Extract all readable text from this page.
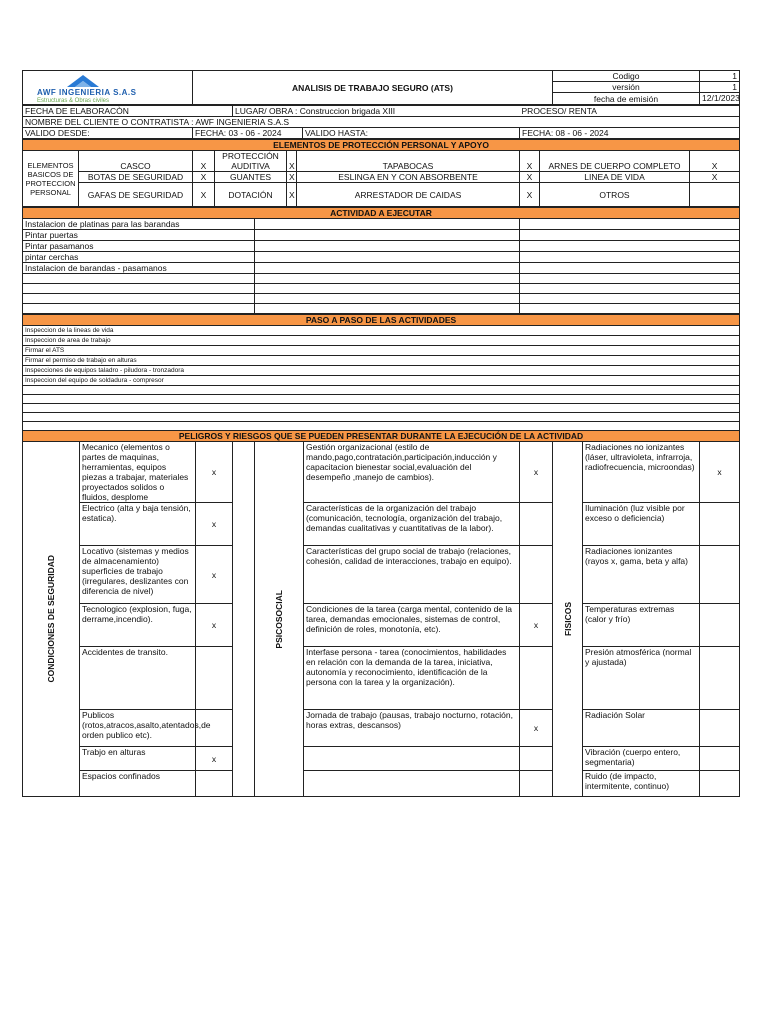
AWF INGENIERIA S.A.S
Estructuras & Obras civiles	ANALISIS DE TRABAJO SEGURO (ATS)	Codigo	1
		versión	1
		fecha de emisión	12/1/2023
FECHA DE ELABORACÒN		LUGAR/ OBRA : Construccion brigada XIII		PROCESO/ RENTA
NOMBRE DEL CLIENTE O CONTRATISTA : AWF INGENIERIA S.A.S				
VALIDO DESDE:	FECHA: 03 - 06 - 2024		VALIDO HASTA:	FECHA: 08 - 06 - 2024
ELEMENTOS DE PROTECCIÓN PERSONAL Y APOYO								
ELEMENTOS BASICOS DE PROTECCION PERSONAL	CASCO	X	PROTECCIÓN AUDITIVA	X	TAPABOCAS	X	ARNES DE CUERPO COMPLETO	X
	BOTAS DE SEGURIDAD	X	GUANTES	X	ESLINGA EN Y CON ABSORBENTE	X	LINEA DE VIDA	X
	GAFAS DE SEGURIDAD	X	DOTACIÓN	X	ARRESTADOR DE CAIDAS	X	OTROS	
ACTIVIDAD A EJECUTAR		
Instalacion de platinas para las barandas		
Pintar puertas		
Pintar pasamanos		
pintar cerchas		
Instalacion de barandas - pasamanos		

PASO A PASO DE LAS ACTIVIDADES
Inspeccion de la lineas de vida
Inspeccion de area de trabajo
Firmar el ATS
Firmar el permiso de trabajo en alturas
Inspecciones de equipos taladro - piludora - tronzadora
Inspeccion del equipo de soldadura - compresor

PELIGROS Y RIESGOS QUE SE PUEDEN PRESENTAR DURANTE LA EJECUCIÓN DE LA ACTIVIDAD									

CONDICIONES DE SEGURIDAD	Mecanico (elementos o partes de maquinas, herramientas, equipos piezas a trabajar, materiales proyectados solidos o fluidos, desplome	x		PSICOSOCIAL	Gestión organizacional (estilo de mando,pago,contratación,participación,inducción y capacitacion bienestar social,evaluación del desempeño ,manejo de cambios).	x	FISICOS	Radiaciones no ionizantes (láser, ultravioleta, infrarroja, radiofrecuencia, microondas)	x
	Electrico (alta y baja tensión, estatica).	x			Características de la organización del trabajo (comunicación, tecnología, organización del trabajo, demandas cualitativas y cuantitativas de la labor).			Iluminación (luz visible por exceso o deficiencia)	
	Locativo (sistemas y medios de almacenamiento) superficies de trabajo (irregulares, deslizantes con diferencia de nivel)	x			Características del grupo social de trabajo (relaciones, cohesión, calidad de interacciones, trabajo en equipo).			Radiaciones ionizantes (rayos x, gama, beta y alfa)	
	Tecnologico (explosion, fuga, derrame,incendio).	x			Condiciones de la tarea (carga mental, contenido de la tarea, demandas emocionales, sistemas de control, definición de roles, monotonía, etc).	x		Temperaturas extremas (calor y frío)	
	Accidentes de transito.				Interfase persona - tarea (conocimientos, habilidades en relación con la demanda de la tarea, iniciativa, autonomía y reconocimiento, identificación de la persona con la tarea y la organización).			Presión atmosférica (normal y ajustada)	
	Publicos (rotos,atracos,asalto,atentados,de orden publico etc).				Jornada de trabajo (pausas, trabajo nocturno, rotación, horas extras, descansos)	x		Radiación Solar	
	Trabjo en alturas	x						Vibración (cuerpo entero, segmentaria)	
	Espacios confinados							Ruido (de impacto, intermitente, continuo)	
